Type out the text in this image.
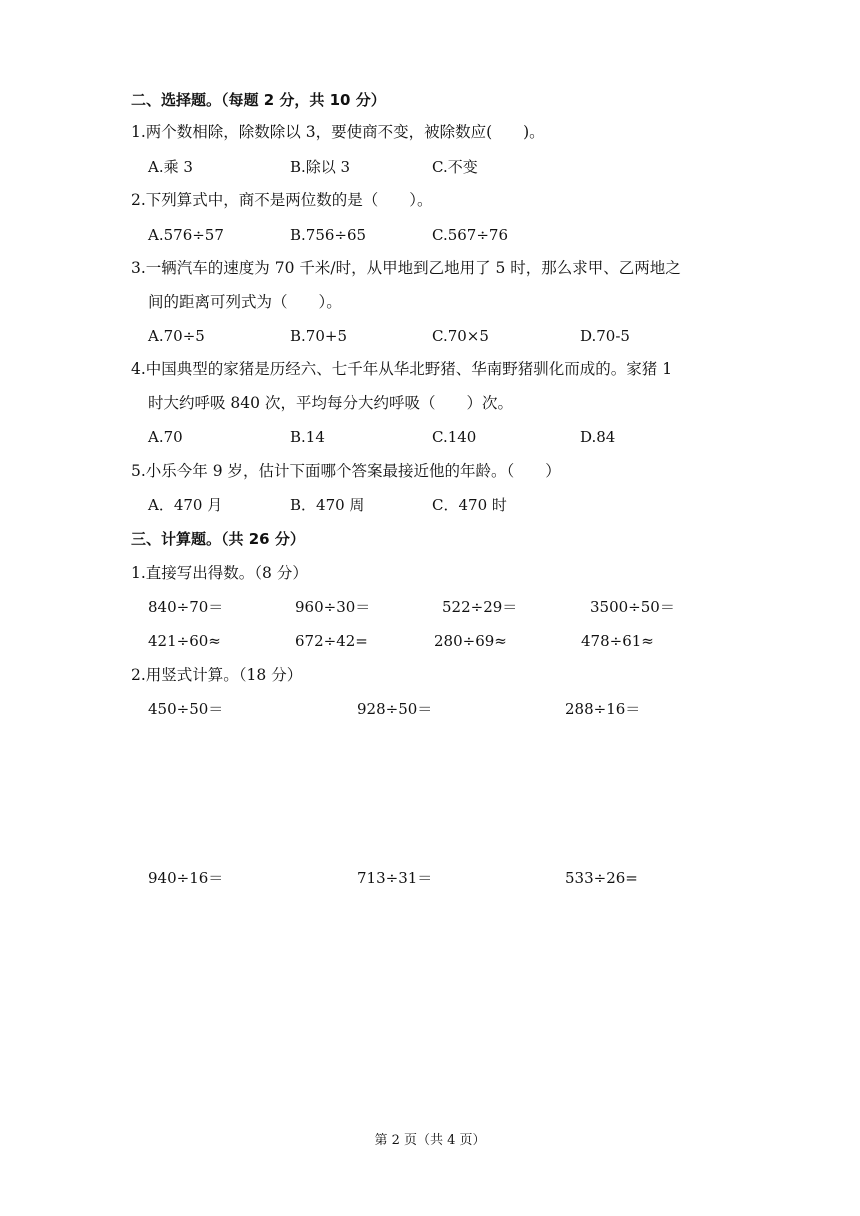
二、选择题。（每题 2 分，共 10 分）
1.两个数相除，除数除以 3，要使商不变，被除数应(　　)。
A.乘 3	B.除以 3	C.不变
2.下列算式中，商不是两位数的是（　　）。
A.576÷57	B.756÷65	C.567÷76
3.一辆汽车的速度为 70 千米/时，从甲地到乙地用了 5 时，那么求甲、乙两地之
间的距离可列式为（　　）。
A.70÷5	B.70+5	C.70×5	D.70-5
4.中国典型的家猪是历经六、七千年从华北野猪、华南野猪驯化而成的。家猪 1
时大约呼吸 840 次，平均每分大约呼吸（　　）次。
A.70	B.14	C.140	D.84
5.小乐今年 9 岁，估计下面哪个答案最接近他的年龄。（　　）
A．470 月	B．470 周	C．470 时
三、计算题。（共 26 分）
1.直接写出得数。（8 分）
840÷70＝	960÷30＝	522÷29＝	3500÷50＝
421÷60≈	672÷42=	280÷69≈	478÷61≈
2.用竖式计算。（18 分）
450÷50＝	928÷50＝	288÷16＝
940÷16＝	713÷31＝	533÷26=
第 2 页（共 4 页）
